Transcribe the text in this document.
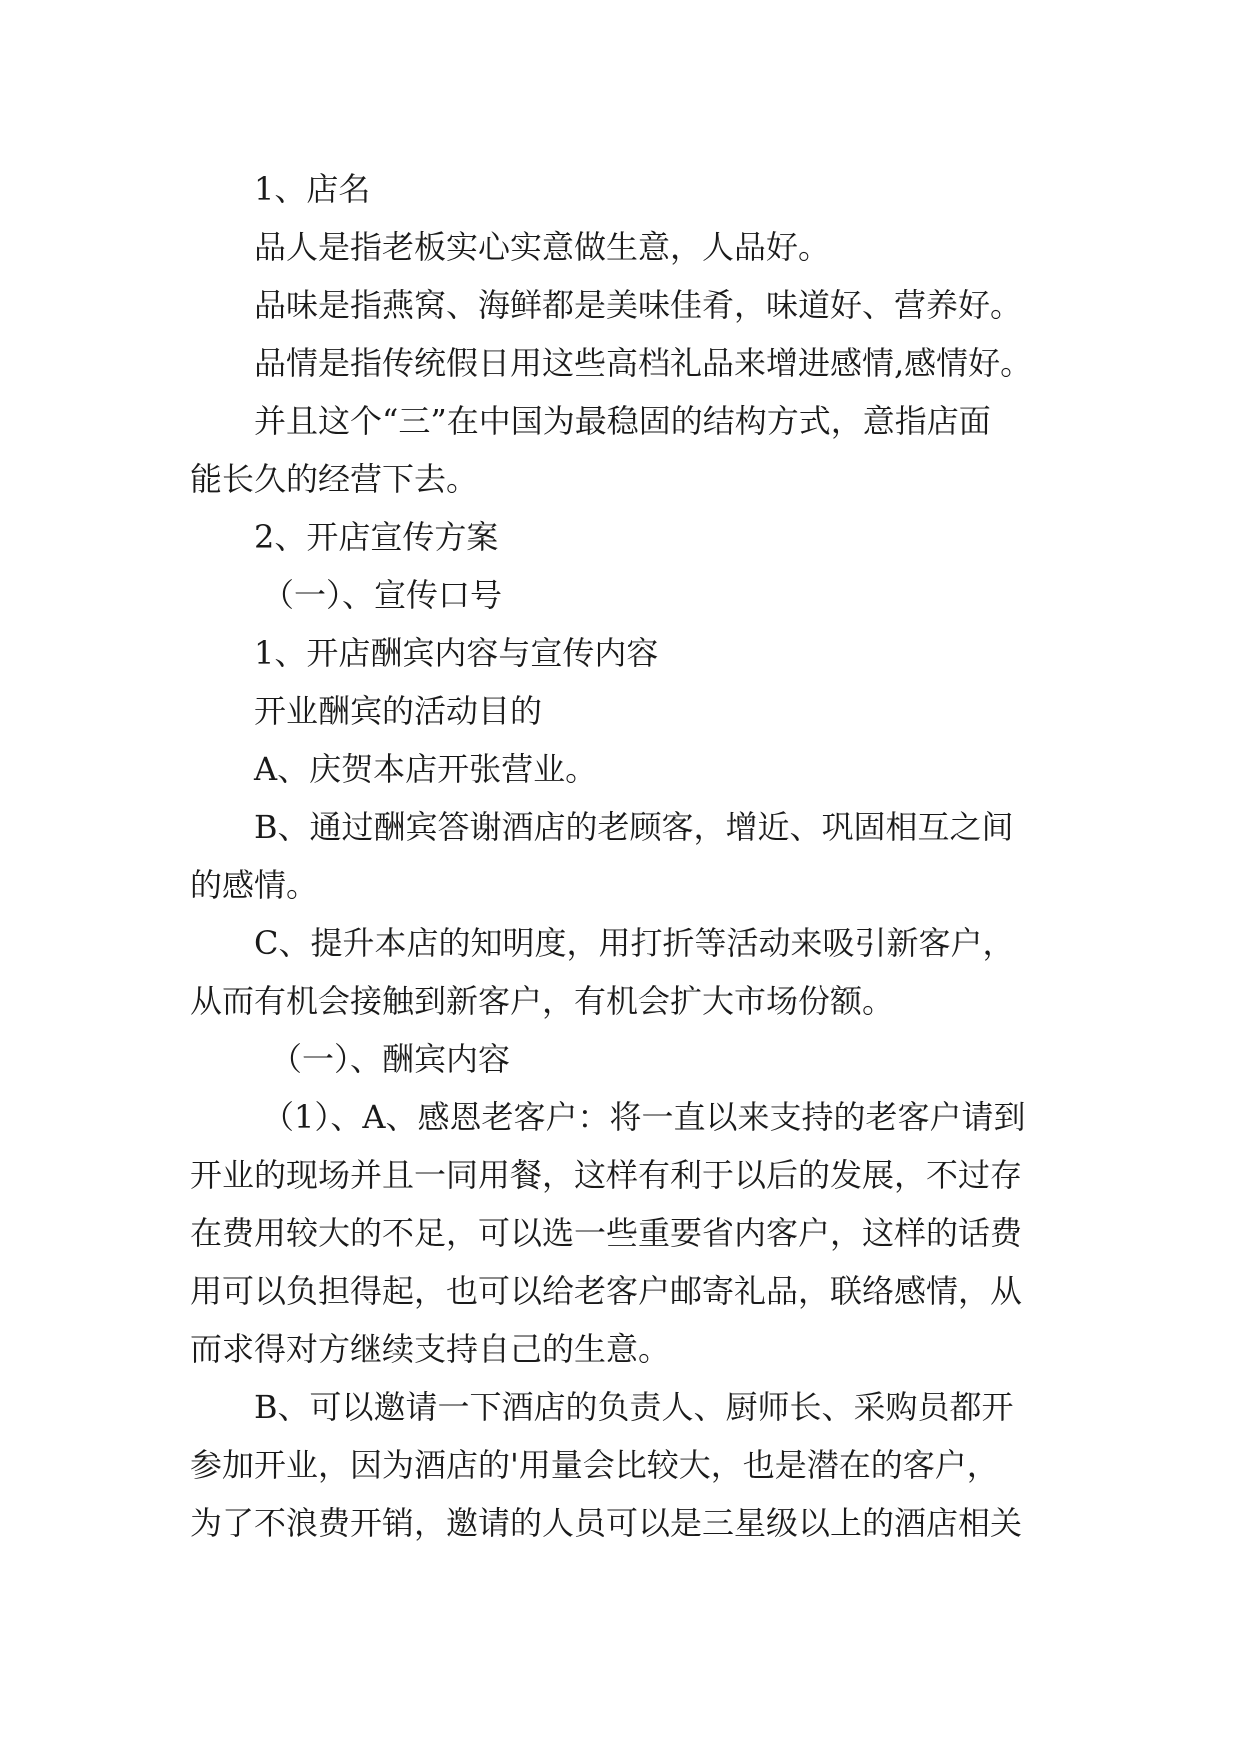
1、店名
品人是指老板实心实意做生意，人品好。
品味是指燕窝、海鲜都是美味佳肴，味道好、营养好。
品情是指传统假日用这些高档礼品来增进感情,感情好。
并且这个“三”在中国为最稳固的结构方式，意指店面
能长久的经营下去。
2、开店宣传方案
（一）、宣传口号
1、开店酬宾内容与宣传内容
开业酬宾的活动目的
A、庆贺本店开张营业。
B、通过酬宾答谢酒店的老顾客，增近、巩固相互之间
的感情。
C、提升本店的知明度，用打折等活动来吸引新客户，
从而有机会接触到新客户，有机会扩大市场份额。
（一）、酬宾内容
（1）、A、感恩老客户：将一直以来支持的老客户请到
开业的现场并且一同用餐，这样有利于以后的发展，不过存
在费用较大的不足，可以选一些重要省内客户，这样的话费
用可以负担得起，也可以给老客户邮寄礼品，联络感情，从
而求得对方继续支持自己的生意。
B、可以邀请一下酒店的负责人、厨师长、采购员都开
参加开业，因为酒店的'用量会比较大，也是潜在的客户，
为了不浪费开销，邀请的人员可以是三星级以上的酒店相关
